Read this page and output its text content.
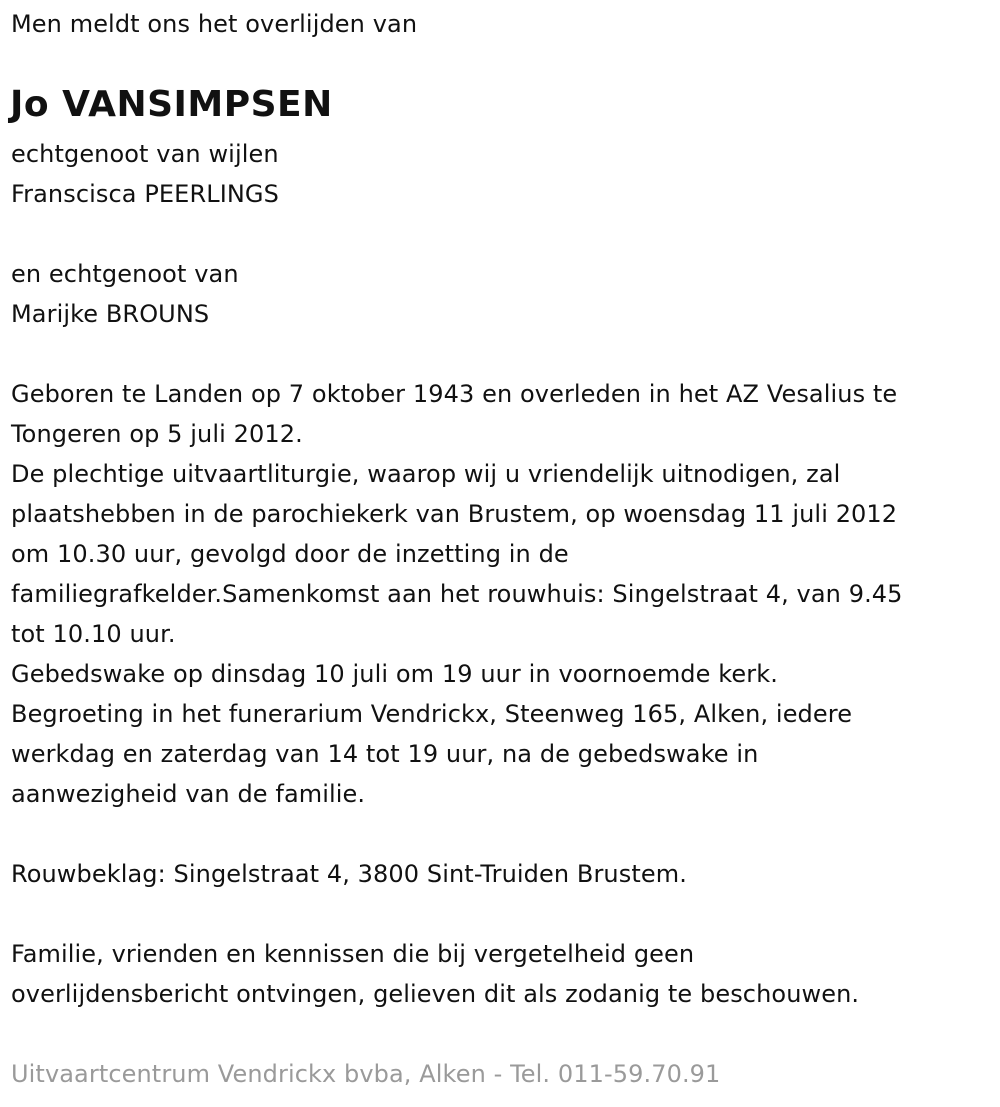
Men meldt ons het overlijden van
Jo VANSIMPSEN
echtgenoot van wijlen
Franscisca PEERLINGS
en echtgenoot van
Marijke BROUNS
Geboren te Landen op 7 oktober 1943 en overleden in het AZ Vesalius te
Tongeren op 5 juli 2012.
De plechtige uitvaartliturgie, waarop wij u vriendelijk uitnodigen, zal
plaatshebben in de parochiekerk van Brustem, op woensdag 11 juli 2012
om 10.30 uur, gevolgd door de inzetting in de
familiegrafkelder.Samenkomst aan het rouwhuis: Singelstraat 4, van 9.45
tot 10.10 uur.
Gebedswake op dinsdag 10 juli om 19 uur in voornoemde kerk.
Begroeting in het funerarium Vendrickx, Steenweg 165, Alken, iedere
werkdag en zaterdag van 14 tot 19 uur, na de gebedswake in
aanwezigheid van de familie.
Rouwbeklag: Singelstraat 4, 3800 Sint-Truiden Brustem.
Familie, vrienden en kennissen die bij vergetelheid geen
overlijdensbericht ontvingen, gelieven dit als zodanig te beschouwen.
Uitvaartcentrum Vendrickx bvba, Alken - Tel. 011-59.70.91
